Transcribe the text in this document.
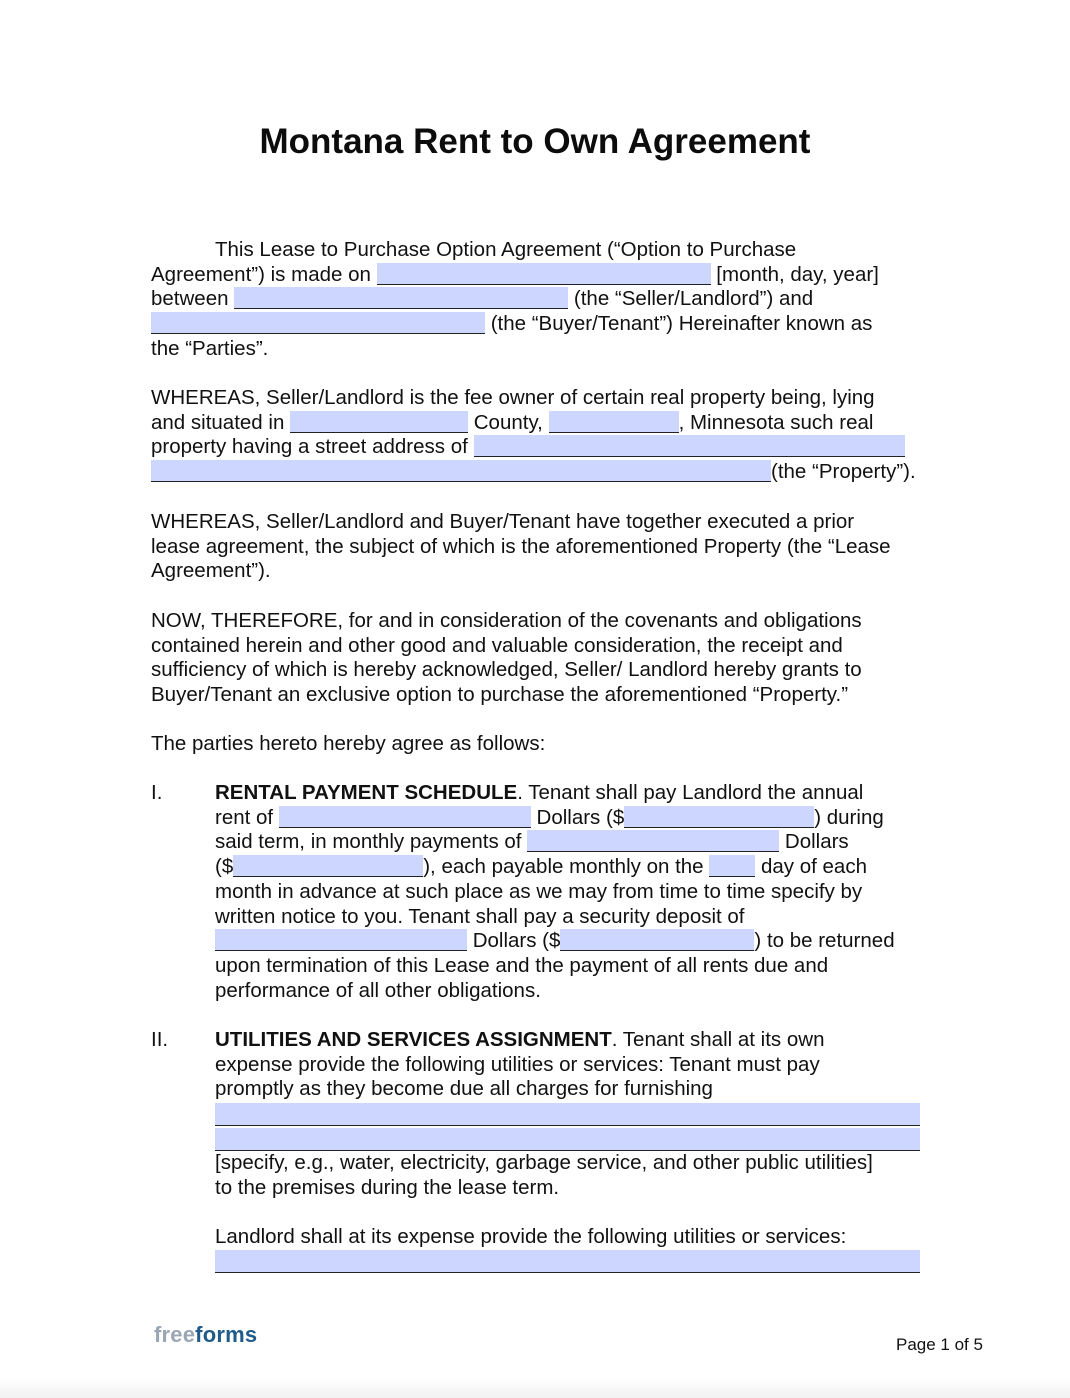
Montana Rent to Own Agreement
This Lease to Purchase Option Agreement (“Option to Purchase
Agreement”) is made on	[month, day, year]
between	(the “Seller/Landlord”) and
(the “Buyer/Tenant”) Hereinafter known as
the “Parties”.
WHEREAS, Seller/Landlord is the fee owner of certain real property being, lying
and situated in	County,	, Minnesota such real
property having a street address of
(the “Property”).
WHEREAS, Seller/Landlord and Buyer/Tenant have together executed a prior lease agreement, the subject of which is the aforementioned Property (the “Lease Agreement”).
NOW, THEREFORE, for and in consideration of the covenants and obligations contained herein and other good and valuable consideration, the receipt and sufficiency of which is hereby acknowledged, Seller/ Landlord hereby grants to Buyer/Tenant an exclusive option to purchase the aforementioned “Property.”
The parties hereto hereby agree as follows:
I.	RENTAL PAYMENT SCHEDULE. Tenant shall pay Landlord the annual
rent of	Dollars ($	) during
said term, in monthly payments of	Dollars
($	), each payable monthly on the  day of each
month in advance at such place as we may from time to time specify by
written notice to you. Tenant shall pay a security deposit of
Dollars ($	) to be returned
upon termination of this Lease and the payment of all rents due and
performance of all other obligations.
II. UTILITIES AND SERVICES ASSIGNMENT. Tenant shall at its own
expense provide the following utilities or services: Tenant must pay
promptly as they become due all charges for furnishing
[specify, e.g., water, electricity, garbage service, and other public utilities]
to the premises during the lease term.
Landlord shall at its expense provide the following utilities or services:
freeforms	Page 1 of 5
